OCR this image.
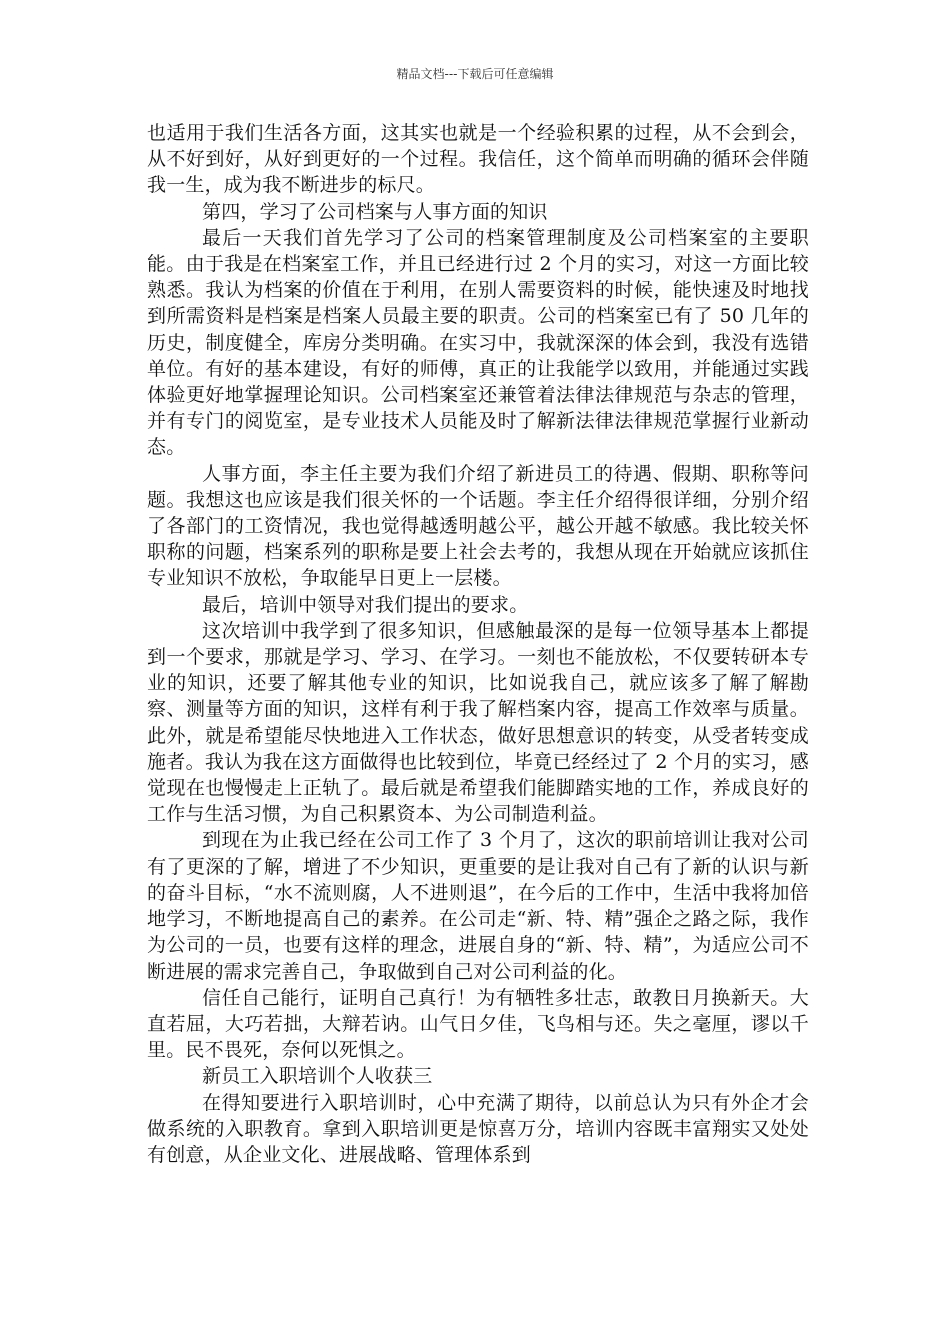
精品文档---下载后可任意编辑

也适用于我们生活各方面，这其实也就是一个经验积累的过程，从不会到会，从不好到好，从好到更好的一个过程。我信任，这个简单而明确的循环会伴随我一生，成为我不断进步的标尺。

第四，学习了公司档案与人事方面的知识

最后一天我们首先学习了公司的档案管理制度及公司档案室的主要职能。由于我是在档案室工作，并且已经进行过 2 个月的实习，对这一方面比较熟悉。我认为档案的价值在于利用，在别人需要资料的时候，能快速及时地找到所需资料是档案是档案人员最主要的职责。公司的档案室已有了 50 几年的历史，制度健全，库房分类明确。在实习中，我就深深的体会到，我没有选错单位。有好的基本建设，有好的师傅，真正的让我能学以致用，并能通过实践体验更好地掌握理论知识。公司档案室还兼管着法律法律规范与杂志的管理，并有专门的阅览室，是专业技术人员能及时了解新法律法律规范掌握行业新动态。

人事方面，李主任主要为我们介绍了新进员工的待遇、假期、职称等问题。我想这也应该是我们很关怀的一个话题。李主任介绍得很详细，分别介绍了各部门的工资情况，我也觉得越透明越公平，越公开越不敏感。我比较关怀职称的问题，档案系列的职称是要上社会去考的，我想从现在开始就应该抓住专业知识不放松，争取能早日更上一层楼。

最后，培训中领导对我们提出的要求。

这次培训中我学到了很多知识，但感触最深的是每一位领导基本上都提到一个要求，那就是学习、学习、在学习。一刻也不能放松，不仅要转研本专业的知识，还要了解其他专业的知识，比如说我自己，就应该多了解了解勘察、测量等方面的知识，这样有利于我了解档案内容，提高工作效率与质量。此外，就是希望能尽快地进入工作状态，做好思想意识的转变，从受者转变成施者。我认为我在这方面做得也比较到位，毕竟已经经过了 2 个月的实习，感觉现在也慢慢走上正轨了。最后就是希望我们能脚踏实地的工作，养成良好的工作与生活习惯，为自己积累资本、为公司制造利益。

到现在为止我已经在公司工作了 3 个月了，这次的职前培训让我对公司有了更深的了解，增进了不少知识，更重要的是让我对自己有了新的认识与新的奋斗目标，“水不流则腐，人不进则退”，在今后的工作中，生活中我将加倍地学习，不断地提高自己的素养。在公司走“新、特、精”强企之路之际，我作为公司的一员，也要有这样的理念，进展自身的“新、特、精”，为适应公司不断进展的需求完善自己，争取做到自己对公司利益的化。

信任自己能行，证明自己真行！为有牺牲多壮志，敢教日月换新天。大直若屈，大巧若拙，大辩若讷。山气日夕佳，飞鸟相与还。失之毫厘，谬以千里。民不畏死，奈何以死惧之。

新员工入职培训个人收获三

在得知要进行入职培训时，心中充满了期待，以前总认为只有外企才会做系统的入职教育。拿到入职培训更是惊喜万分，培训内容既丰富翔实又处处有创意，从企业文化、进展战略、管理体系到
